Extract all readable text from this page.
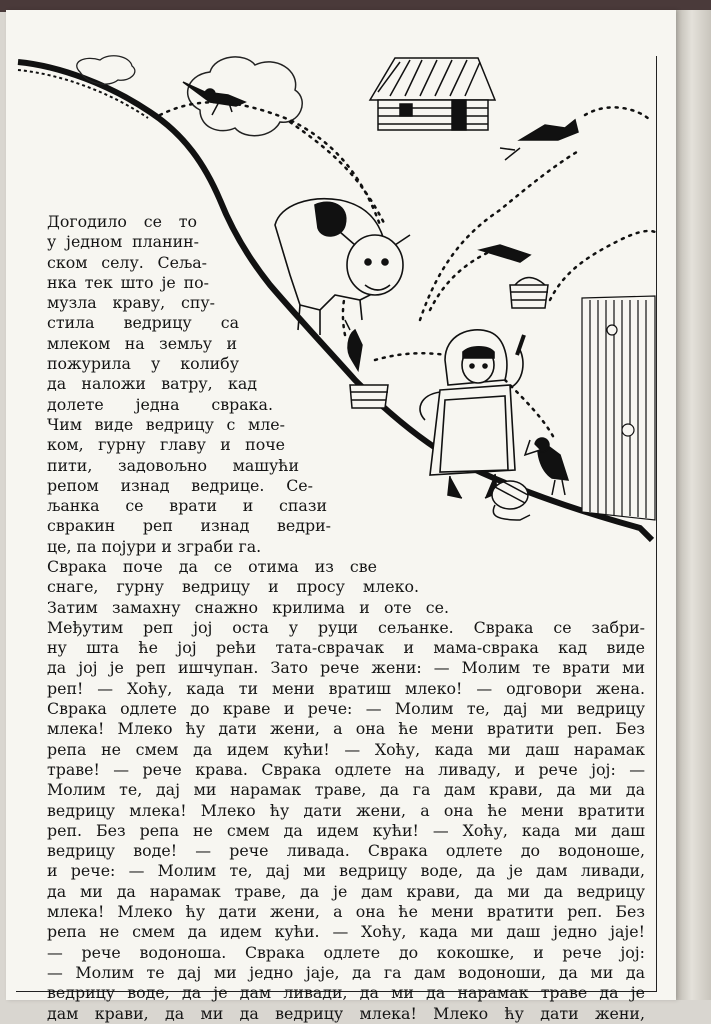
Догодило се то
у једном планин-
ском селу. Сеља-
нка тек што је по-
музла краву, спу-
стила ведрицу са
млеком на земљу и
пожурила у колибу
да наложи ватру, кад
долете једна сврака.
Чим виде ведрицу с мле-
ком, гурну главу и поче
пити, задовољно машући
репом изнад ведрице. Се-
љанка се врати и спази
свракин реп изнад ведри-
це, па појури и зграби га.
Сврака поче да се отима из све
снаге, гурну ведрицу и просу млеко.
Затим замахну снажно крилима и оте се.
Међутим реп јој оста у руци сељанке. Сврака се забри-
ну шта ће јој рећи тата-сврачак и мама-сврака кад виде
да јој је реп ишчупан. Зато рече жени: — Молим те врати ми
реп! — Хоћу, када ти мени вратиш млеко! — одговори жена.
Сврака одлете до краве и рече: — Молим те, дај ми ведрицу
млека! Млеко ћу дати жени, а она ће мени вратити реп. Без
репа не смем да идем кући! — Хоћу, када ми даш нарамак
траве! — рече крава. Сврака одлете на ливаду, и рече јој: —
Молим те, дај ми нарамак траве, да га дам крави, да ми да
ведрицу млека! Млеко ћу дати жени, а она ће мени вратити
реп. Без репа не смем да идем кући! — Хоћу, када ми даш
ведрицу воде! — рече ливада. Сврака одлете до водоноше,
и рече: — Молим те, дај ми ведрицу воде, да је дам ливади,
да ми да нарамак траве, да је дам крави, да ми да ведрицу
млека! Млеко ћу дати жени, а она ће мени вратити реп. Без
репа не смем да идем кући. — Хоћу, када ми даш једно јаје!
— рече водоноша. Сврака одлете до кокошке, и рече јој:
— Молим те дај ми једно јаје, да га дам водоноши, да ми да
ведрицу воде, да је дам ливади, да ми да нарамак траве да је
дам крави, да ми да ведрицу млека! Млеко ћу дати жени,
